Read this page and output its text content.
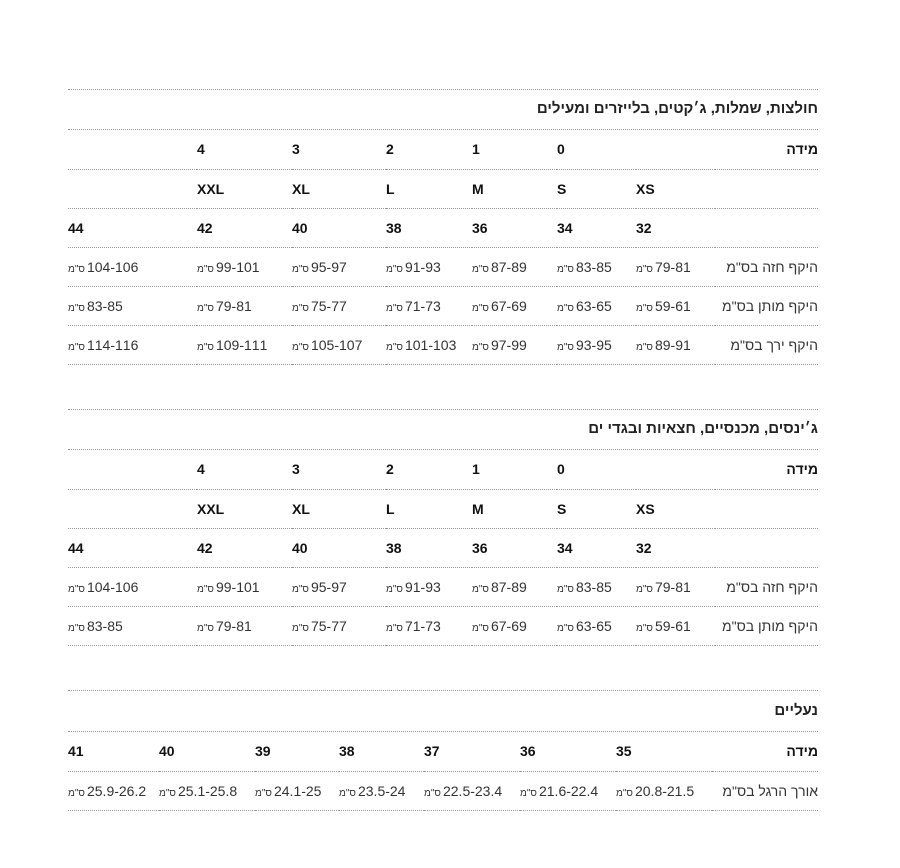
חולצות, שמלות, ג׳קטים, בלייזרים ומעילים
מידה		0	1	2	3	4	
	XS	S	M	L	XL	XXL	
	32	34	36	38	40	42	44
היקף חזה בס"מ	79-81ס"מ	83-85ס"מ	87-89ס"מ	91-93ס"מ	95-97ס"מ	99-101ס"מ	104-106ס"מ
היקף מותן בס"מ	59-61ס"מ	63-65ס"מ	67-69ס"מ	71-73ס"מ	75-77ס"מ	79-81ס"מ	83-85ס"מ
היקף ירך בס"מ	89-91ס"מ	93-95ס"מ	97-99ס"מ	101-103ס"מ	105-107ס"מ	109-111ס"מ	114-116ס"מ
ג׳ינסים, מכנסיים, חצאיות ובגדי ים
מידה		0	1	2	3	4	
	XS	S	M	L	XL	XXL	
	32	34	36	38	40	42	44
היקף חזה בס"מ	79-81ס"מ	83-85ס"מ	87-89ס"מ	91-93ס"מ	95-97ס"מ	99-101ס"מ	104-106ס"מ
היקף מותן בס"מ	59-61ס"מ	63-65ס"מ	67-69ס"מ	71-73ס"מ	75-77ס"מ	79-81ס"מ	83-85ס"מ
נעליים
מידה	35	36	37	38	39	40	41
אורך הרגל בס"מ	20.8-21.5ס"מ	21.6-22.4ס"מ	22.5-23.4ס"מ	23.5-24ס"מ	24.1-25ס"מ	25.1-25.8ס"מ	25.9-26.2ס"מ
